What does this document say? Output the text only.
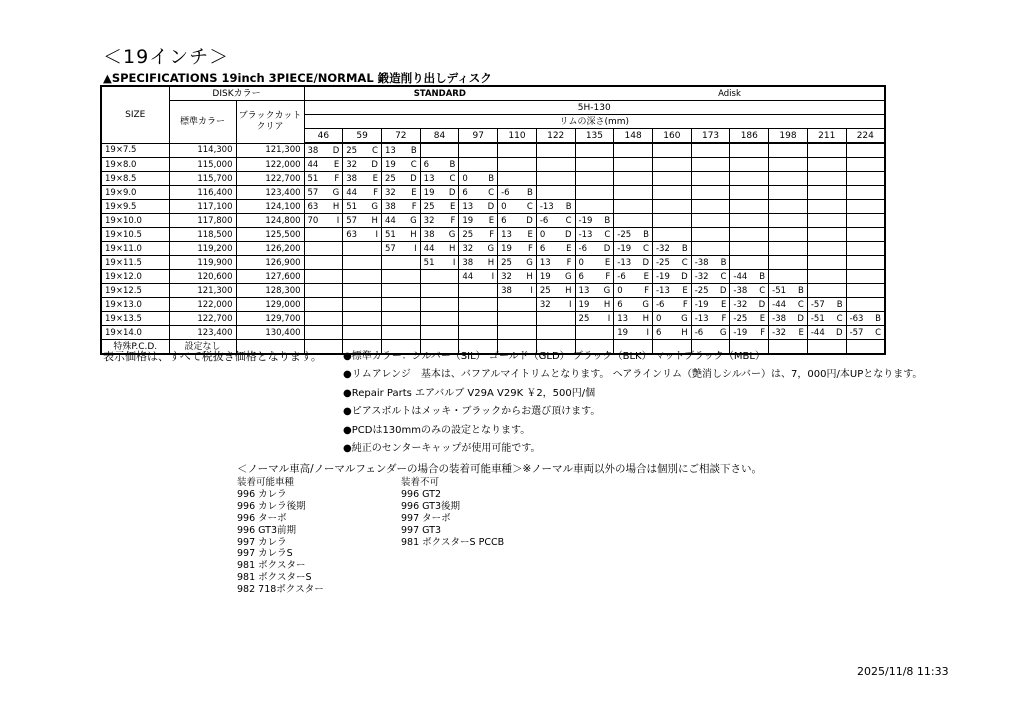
＜19インチ＞
▲SPECIFICATIONS 19inch 3PIECE/NORMAL 鍛造削り出しディスク
SIZE	DISKカラー		STANDARD							Adisk							
	標準カラー	ブラックカットクリア	5H-130														
			リムの深さ(mm)														
			46	59	72	84	97	110	122	135	148	160	173	186	198	211	224
19×7.5	114,300	121,300	38 D	25 C	13 B												

19×8.0	115,000	122,000	44 E	32 D	19 C	6 B											

19×8.5	115,700	122,700	51 F	38 E	25 D	13 C	0 B										

19×9.0	116,400	123,400	57 G	44 F	32 E	19 D	6 C	-6 B									

19×9.5	117,100	124,100	63 H	51 G	38 F	25 E	13 D	0 C	-13 B								

19×10.0	117,800	124,800	70 I	57 H	44 G	32 F	19 E	6 D	-6 C	-19 B							

19×10.5	118,500	125,500		63 I	51 H	38 G	25 F	13 E	0 D	-13 C	-25 B						

19×11.0	119,200	126,200			57 I	44 H	32 G	19 F	6 E	-6 D	-19 C	-32 B					

19×11.5	119,900	126,900				51 I	38 H	25 G	13 F	0 E	-13 D	-25 C	-38 B				

19×12.0	120,600	127,600					44 I	32 H	19 G	6 F	-6 E	-19 D	-32 C	-44 B			

19×12.5	121,300	128,300						38 I	25 H	13 G	0 F	-13 E	-25 D	-38 C	-51 B		

19×13.0	122,000	129,000							32 I	19 H	6 G	-6 F	-19 E	-32 D	-44 C	-57 B	

19×13.5	122,700	129,700								25 I	13 H	0 G	-13 F	-25 E	-38 D	-51 C	-63 B

19×14.0	123,400	130,400									19 I	6 H	-6 G	-19 F	-32 E	-44 D	-57 C

特殊P.C.D.	設定なし																
表示価格は、すべて税抜き価格となります。 ●標準カラー：シルバー（SIL） ゴールド（GLD） ブラック（BLK） マットブラック（MBL）
●リムアレンジ　基本は、バフアルマイトリムとなります。 ヘアラインリム（艶消しシルバー）は、7，000円/本UPとなります。
●Repair Parts エアバルブ V29A V29K ￥2，500円/個
●ピアスボルトはメッキ・ブラックからお選び頂けます。
●PCDは130mmのみの設定となります。
●純正のセンターキャップが使用可能です。
＜ノーマル車高/ノーマルフェンダーの場合の装着可能車種＞※ノーマル車両以外の場合は個別にご相談下さい。
装着可能車種
996 カレラ
996 カレラ後期
996 ターボ
996 GT3前期
997 カレラ
997 カレラS
981 ボクスター
981 ボクスターS
982 718ボクスター
装着不可
996 GT2
996 GT3後期
997 ターボ
997 GT3
981 ボクスターS PCCB
2025/11/8 11:33
